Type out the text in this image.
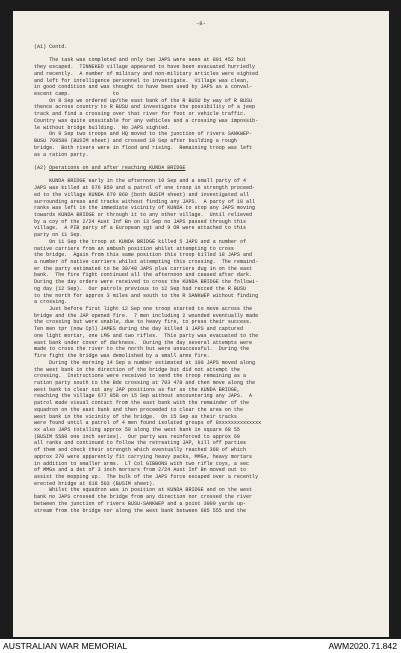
-8-
(A1) Contd.
The task was completed and only two JAPS were seen at 801 452 but
they escaped.  TINNEKEO village appeared to have been evacuated hurriedly
and recently.  A number of military and non-military articles were sighted
and left for intelligence personnel to investigate.  Village was clean,
in good condition and was thought to have been used by JAPS as a conval-
escent camp.              to
On 8 Sep we ordered up/the east bank of the R BUSU by way of R BUSU
thence across country to R BUSU and investigate the possibility of a jeep
track and find a crossing over that river for foot or vehicle traffic.
Country was quite unsuitable for any vehicles and a crossing was impossib-
le without bridge building.  No JAPS sighted.
On 9 Sep two troops and HQ moved to the junction of rivers SANKWEP-
BUSU 708580 (BUSIM sheet) and crossed 10 Sep after building a rough
bridge.  Both rivers were in flood and rising.  Remaining troop was left
as a ration party.
(A2) Operations on and after reaching KUNDA BRIDGE
KUNDA BRIDGE early in the afternoon 10 Sep and a small party of 4
JAPS was killed at 676 850 and a patrol of one troop in strength proceed-
ed to the village KUNDA 679 860 (both BUSIM sheet) and investigated all
surrounding areas and tracks without finding any JAPS.  A party of 18 all
ranks was left in the immediate vicinity of KUNDA to stop any JAPS moving
towards KUNDA BRIDGE or through it to any other village.  Until relieved
by a coy of the 2/24 Aust Inf Bn on 13 Sep no JAPS passed through this
village.  A PIB party of a European sgt and 9 OR were attached to this
party on 11 Sep.
On 11 Sep the troop at KUNDA BRIDGE killed 5 JAPS and a number of
native carriers from an ambush position whilst attempting to cross
the bridge.  Again from this same position this troop killed 18 JAPS and
a number of native carriers whilst attempting this crossing.  The remaind-
er the party estimated to be 30/40 JAPS plus carriers dug in on the east
bank.  The fire fight continued all the afternoon and ceased after dark.
During the day orders were received to cross the KUNDA BRIDGE the followi-
ng day (12 Sep).  Our patrols previous to 12 Sep had recced the R BUSU
to the north for approx 3 miles and south to the R SANKWEP without finding
a crossing.
Just before first light 12 Sep one troop started to move across the
bridge and the JAP opened fire.  7 men including 2 wounded eventually made
the crossing but were unable, due to heavy fire, to press their success.
Ten men tpr (now Cpl) JAMES during the day killed 3 JAPS and captured
one light mortar, one LMG and two rifles.  This party was evacuated to the
east bank under cover of darkness.  During the day several attempts were
made to cross the river to the north but were unsuccessful.  During the
fire fight the bridge was demolished by a small arms fire.
During the morning 14 Sep a number estimated at 100 JAPS moved along
the west bank in the direction of the bridge but did not attempt the
crossing.  Instructions were received to send the troop remaining as a
ration party south to the Bde crossing at 703 478 and then move along the
west bank to clear out any JAP positions as far as the KUNDA BRIDGE,
reaching the village 677 858 on 15 Sep without encountering any JAPS.  A
patrol made visual contact from the east bank with the remainder of the
squadron on the east bank and then proceeded to clear the area on the
west bank in the vicinity of the bridge.  On 15 Sep as their tracks
were found until a patrol of 4 men found isolated groups of 8xxxxxxxxxxxxxx
xx also JAPS totalling approx 50 along the west bank in square 68 55
(BUSIM 5580 one inch series).  Our party was reinforced to approx 60
all ranks and continued to follow the retreating JAP, kill off parties
of them and check their strength which eventually reached 368 of which
approx 270 were apparently fit carrying heavy packs, MMGs, heavy mortars
in addition to smaller arms.  LT Col GIBBONS with two rifle coys, a sec
of MMGs and a det of 3 inch mortars from 2/24 Aust Inf Bn moved out to
assist the mopping up.  The bulk of the JAPS force escaped over a recently
erected bridge at 618 593 (BUSIM sheet).
Whilst the squadron was in position at KUNDA BRIDGE and on the west
bank no JAPS crossed the bridge from any direction nor crossed the river
between the junction of rivers BUSU-SANKWEP and a point 3000 yards up-
stream from the bridge nor along the west bank between 685 555 and the
AUSTRALIAN WAR MEMORIAL	AWM2020.71.842
